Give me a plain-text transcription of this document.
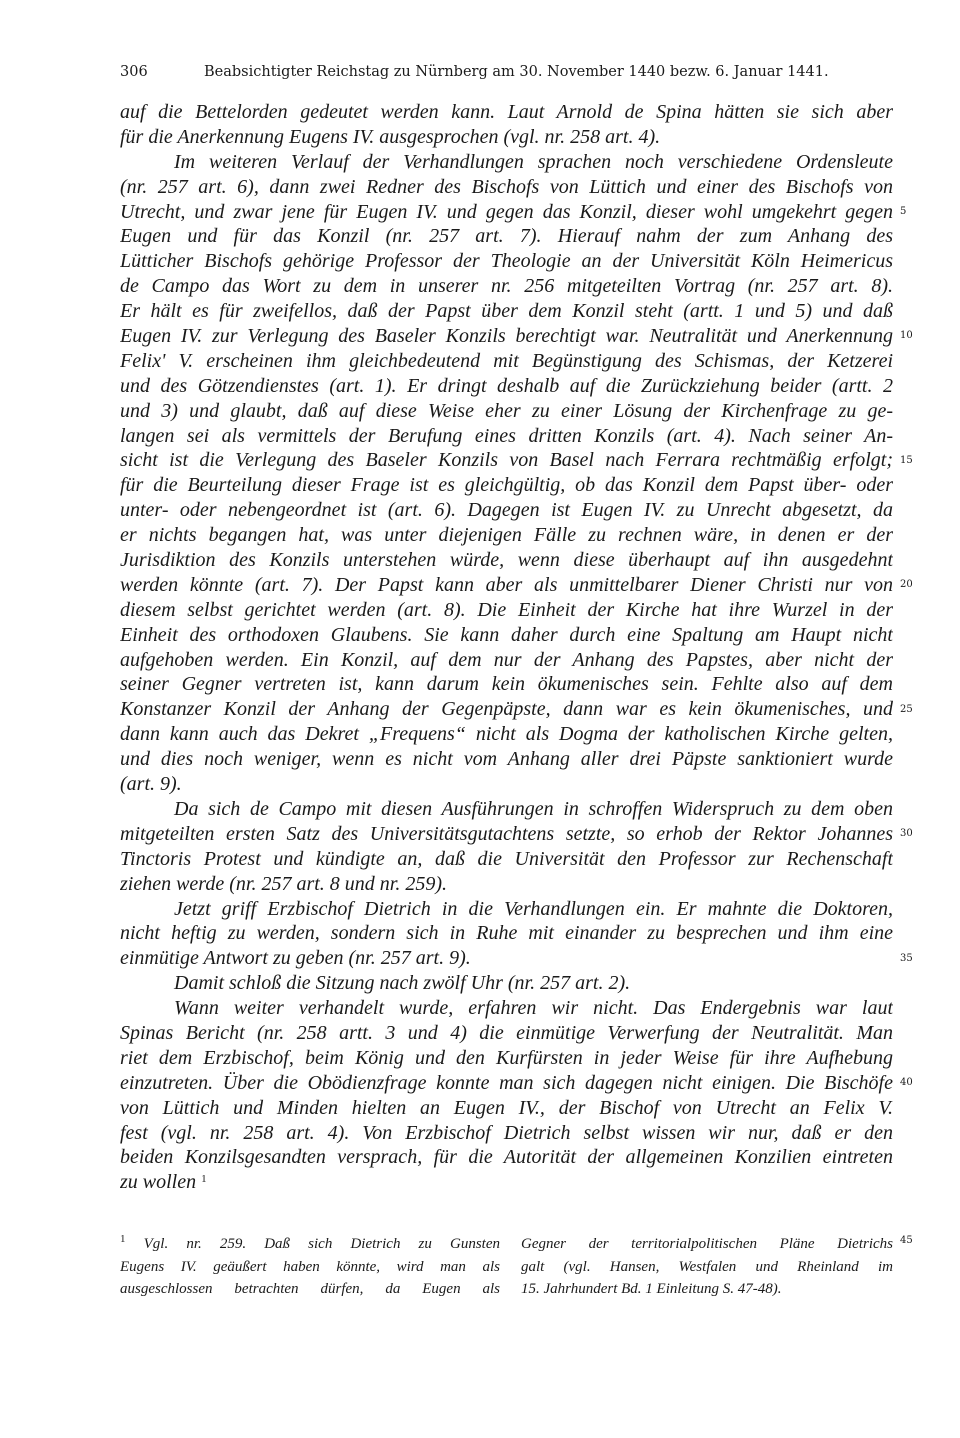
306	Beabsichtigter Reichstag zu Nürnberg am 30. November 1440 bezw. 6. Januar 1441.
auf die Bettelorden gedeutet werden kann. Laut Arnold de Spina hätten sie sich aber
für die Anerkennung Eugens IV. ausgesprochen (vgl. nr. 258 art. 4).
Im weiteren Verlauf der Verhandlungen sprachen noch verschiedene Ordensleute
(nr. 257 art. 6), dann zwei Redner des Bischofs von Lüttich und einer des Bischofs von
Utrecht, und zwar jene für Eugen IV. und gegen das Konzil, dieser wohl umgekehrt gegen
Eugen und für das Konzil (nr. 257 art. 7). Hierauf nahm der zum Anhang des
Lütticher Bischofs gehörige Professor der Theologie an der Universität Köln Heimericus
de Campo das Wort zu dem in unserer nr. 256 mitgeteilten Vortrag (nr. 257 art. 8).
Er hält es für zweifellos, daß der Papst über dem Konzil steht (artt. 1 und 5) und daß
Eugen IV. zur Verlegung des Baseler Konzils berechtigt war. Neutralität und Anerkennung
Felix' V. erscheinen ihm gleichbedeutend mit Begünstigung des Schismas, der Ketzerei
und des Götzendienstes (art. 1). Er dringt deshalb auf die Zurückziehung beider (artt. 2
und 3) und glaubt, daß auf diese Weise eher zu einer Lösung der Kirchenfrage zu ge-
langen sei als vermittels der Berufung eines dritten Konzils (art. 4). Nach seiner An-
sicht ist die Verlegung des Baseler Konzils von Basel nach Ferrara rechtmäßig erfolgt;
für die Beurteilung dieser Frage ist es gleichgültig, ob das Konzil dem Papst über- oder
unter- oder nebengeordnet ist (art. 6). Dagegen ist Eugen IV. zu Unrecht abgesetzt, da
er nichts begangen hat, was unter diejenigen Fälle zu rechnen wäre, in denen er der
Jurisdiktion des Konzils unterstehen würde, wenn diese überhaupt auf ihn ausgedehnt
werden könnte (art. 7). Der Papst kann aber als unmittelbarer Diener Christi nur von
diesem selbst gerichtet werden (art. 8). Die Einheit der Kirche hat ihre Wurzel in der
Einheit des orthodoxen Glaubens. Sie kann daher durch eine Spaltung am Haupt nicht
aufgehoben werden. Ein Konzil, auf dem nur der Anhang des Papstes, aber nicht der
seiner Gegner vertreten ist, kann darum kein ökumenisches sein. Fehlte also auf dem
Konstanzer Konzil der Anhang der Gegenpäpste, dann war es kein ökumenisches, und
dann kann auch das Dekret „Frequens“ nicht als Dogma der katholischen Kirche gelten,
und dies noch weniger, wenn es nicht vom Anhang aller drei Päpste sanktioniert wurde
(art. 9).
Da sich de Campo mit diesen Ausführungen in schroffen Widerspruch zu dem oben
mitgeteilten ersten Satz des Universitätsgutachtens setzte, so erhob der Rektor Johannes
Tinctoris Protest und kündigte an, daß die Universität den Professor zur Rechenschaft
ziehen werde (nr. 257 art. 8 und nr. 259).
Jetzt griff Erzbischof Dietrich in die Verhandlungen ein. Er mahnte die Doktoren,
nicht heftig zu werden, sondern sich in Ruhe mit einander zu besprechen und ihm eine
einmütige Antwort zu geben (nr. 257 art. 9).
Damit schloß die Sitzung nach zwölf Uhr (nr. 257 art. 2).
Wann weiter verhandelt wurde, erfahren wir nicht. Das Endergebnis war laut
Spinas Bericht (nr. 258 artt. 3 und 4) die einmütige Verwerfung der Neutralität. Man
riet dem Erzbischof, beim König und den Kurfürsten in jeder Weise für ihre Aufhebung
einzutreten. Über die Obödienzfrage konnte man sich dagegen nicht einigen. Die Bischöfe
von Lüttich und Minden hielten an Eugen IV., der Bischof von Utrecht an Felix V.
fest (vgl. nr. 258 art. 4). Von Erzbischof Dietrich selbst wissen wir nur, daß er den
beiden Konzilsgesandten versprach, für die Autorität der allgemeinen Konzilien eintreten
zu wollen $^1$
5
10
15
20
25
30
35
40
45
$^1$ Vgl. nr. 259. Daß sich Dietrich zu Gunsten
Eugens IV. geäußert haben könnte, wird man als
ausgeschlossen betrachten dürfen, da Eugen als
Gegner der territorialpolitischen Pläne Dietrichs
galt (vgl. Hansen, Westfalen und Rheinland im
15. Jahrhundert Bd. 1 Einleitung S. 47-48).
